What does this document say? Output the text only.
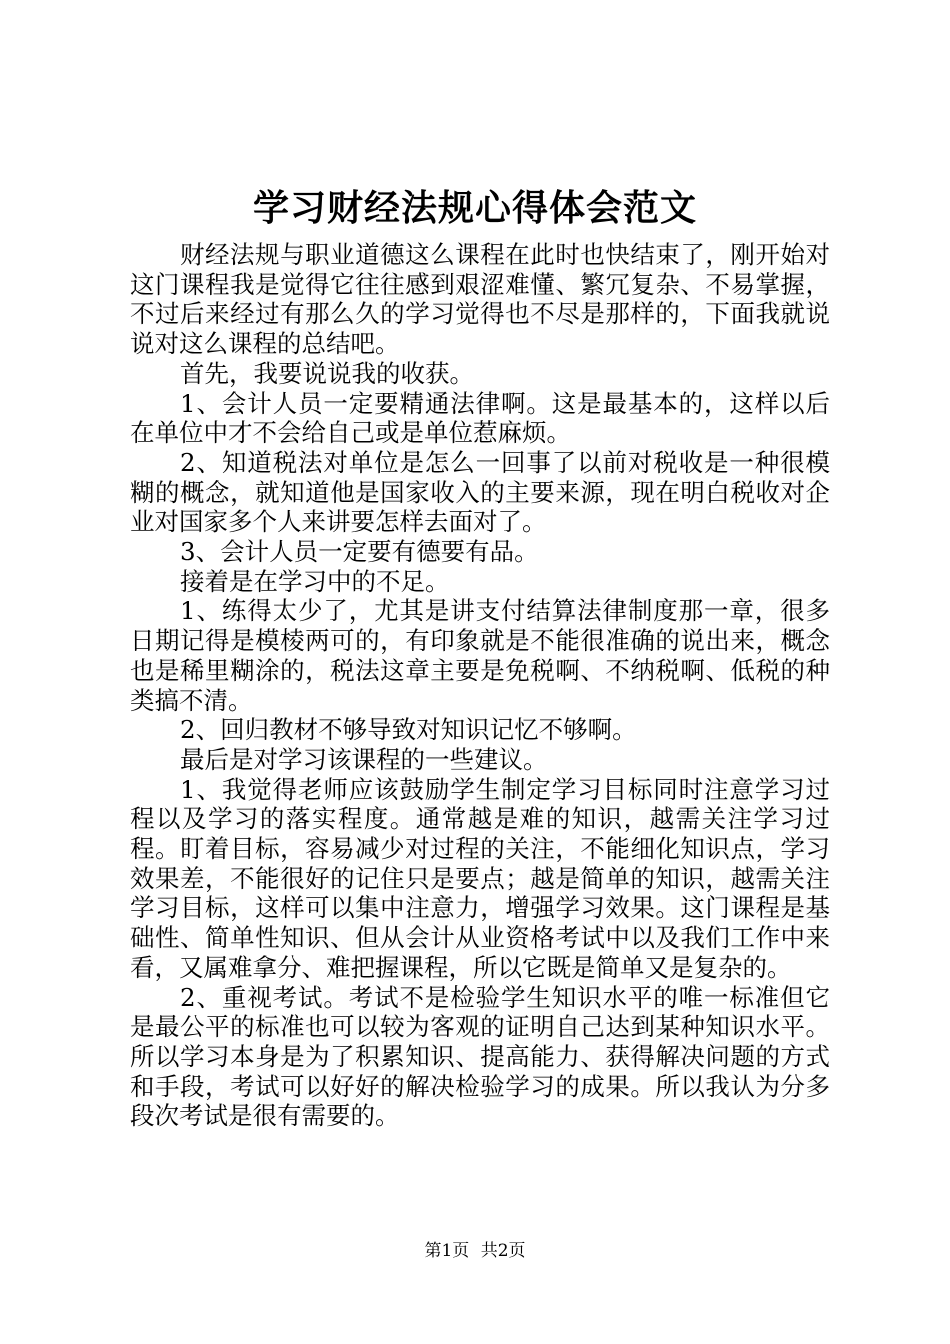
学习财经法规心得体会范文

财经法规与职业道德这么课程在此时也快结束了，刚开始对这门课程我是觉得它往往感到艰涩难懂、繁冗复杂、不易掌握，不过后来经过有那么久的学习觉得也不尽是那样的，下面我就说说对这么课程的总结吧。

首先，我要说说我的收获。

1、会计人员一定要精通法律啊。这是最基本的，这样以后在单位中才不会给自己或是单位惹麻烦。

2、知道税法对单位是怎么一回事了以前对税收是一种很模糊的概念，就知道他是国家收入的主要来源，现在明白税收对企业对国家多个人来讲要怎样去面对了。

3、会计人员一定要有德要有品。

接着是在学习中的不足。

1、练得太少了，尤其是讲支付结算法律制度那一章，很多日期记得是模棱两可的，有印象就是不能很准确的说出来，概念也是稀里糊涂的，税法这章主要是免税啊、不纳税啊、低税的种类搞不清。

2、回归教材不够导致对知识记忆不够啊。

最后是对学习该课程的一些建议。

1、我觉得老师应该鼓励学生制定学习目标同时注意学习过程以及学习的落实程度。通常越是难的知识，越需关注学习过程。盯着目标，容易减少对过程的关注，不能细化知识点，学习效果差，不能很好的记住只是要点；越是简单的知识，越需关注学习目标，这样可以集中注意力，增强学习效果。这门课程是基础性、简单性知识、但从会计从业资格考试中以及我们工作中来看，又属难拿分、难把握课程，所以它既是简单又是复杂的。

2、重视考试。考试不是检验学生知识水平的唯一标准但它是最公平的标准也可以较为客观的证明自己达到某种知识水平。所以学习本身是为了积累知识、提高能力、获得解决问题的方式和手段，考试可以好好的解决检验学习的成果。所以我认为分多段次考试是很有需要的。

第1页 共2页
